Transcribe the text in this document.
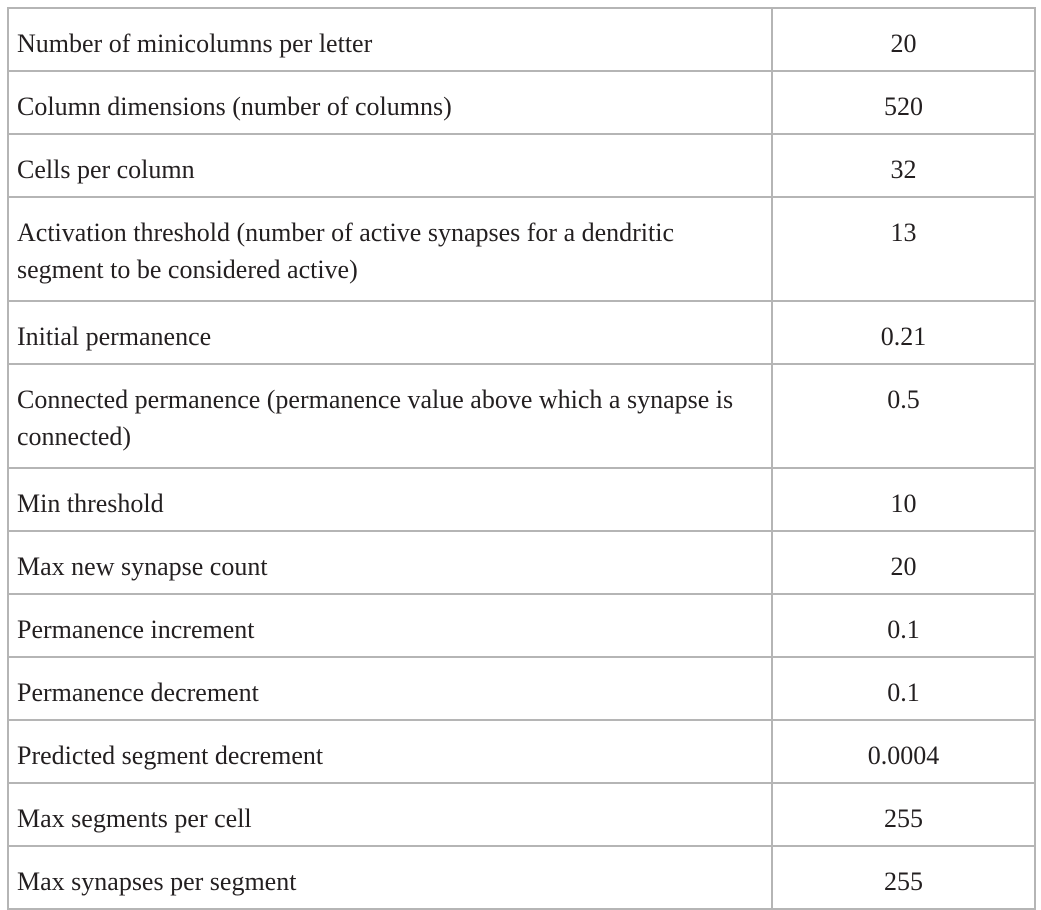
Number of minicolumns per letter	20
Column dimensions (number of columns)	520
Cells per column	32
Activation threshold (number of active synapses for a dendritic segment to be considered active)	13
Initial permanence	0.21
Connected permanence (permanence value above which a synapse is connected)	0.5
Min threshold	10
Max new synapse count	20
Permanence increment	0.1
Permanence decrement	0.1
Predicted segment decrement	0.0004
Max segments per cell	255
Max synapses per segment	255
